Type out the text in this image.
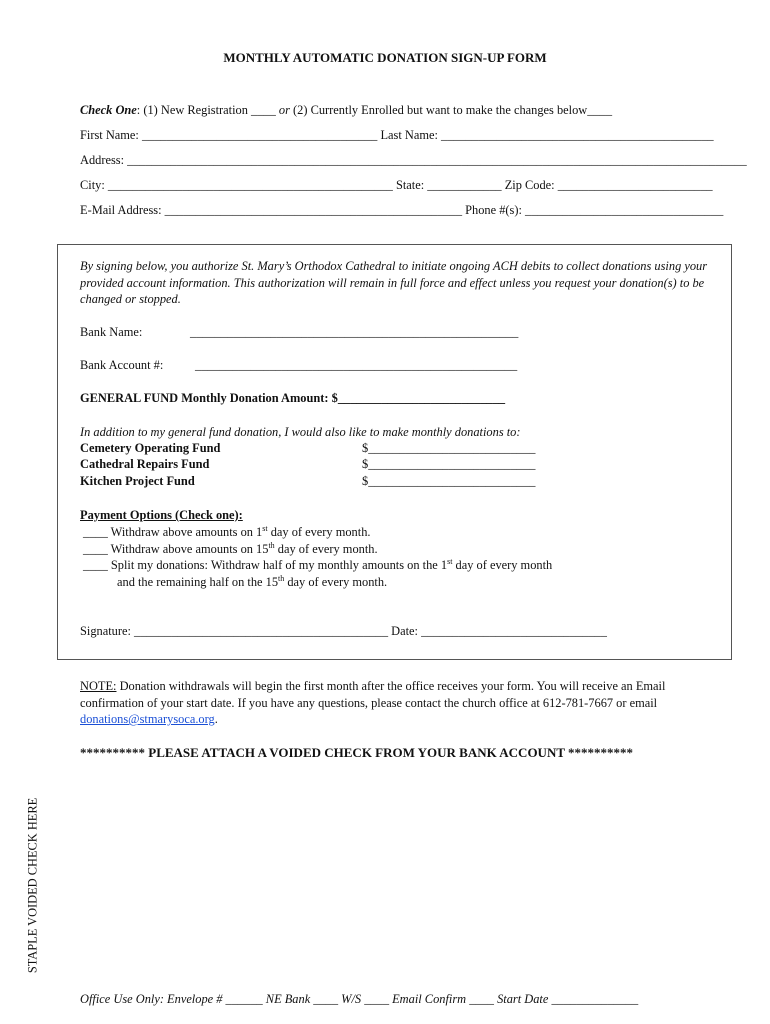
MONTHLY AUTOMATIC DONATION SIGN-UP FORM
Check One: (1) New Registration ____ or (2) Currently Enrolled but want to make the changes below____
First Name: ______________________________________ Last Name: ____________________________________________
Address: ____________________________________________________________________________________________________
City: ______________________________________________ State: ____________ Zip Code: _________________________
E-Mail Address: ________________________________________________ Phone #(s): ________________________________
By signing below, you authorize St. Mary’s Orthodox Cathedral to initiate ongoing ACH debits to collect donations using your provided account information. This authorization will remain in full force and effect unless you request your donation(s) to be changed or stopped.
Bank Name:	_____________________________________________________
Bank Account #:	____________________________________________________
GENERAL FUND Monthly Donation Amount: $___________________________
In addition to my general fund donation, I would also like to make monthly donations to:
Cemetery Operating Fund	$___________________________
Cathedral Repairs Fund	$___________________________
Kitchen Project Fund	$___________________________
Payment Options (Check one):
____ Withdraw above amounts on 1st day of every month.
____ Withdraw above amounts on 15th day of every month.
____ Split my donations: Withdraw half of my monthly amounts on the 1st day of every month
and the remaining half on the 15th day of every month.
Signature: _________________________________________ Date: ______________________________
NOTE: Donation withdrawals will begin the first month after the office receives your form. You will receive an Email confirmation of your start date. If you have any questions, please contact the church office at 612-781-7667 or email donations@stmarysoca.org.
********** PLEASE ATTACH A VOIDED CHECK FROM YOUR BANK ACCOUNT **********
STAPLE VOIDED CHECK HERE
Office Use Only: Envelope # ______ NE Bank ____ W/S ____ Email Confirm ____ Start Date ______________
